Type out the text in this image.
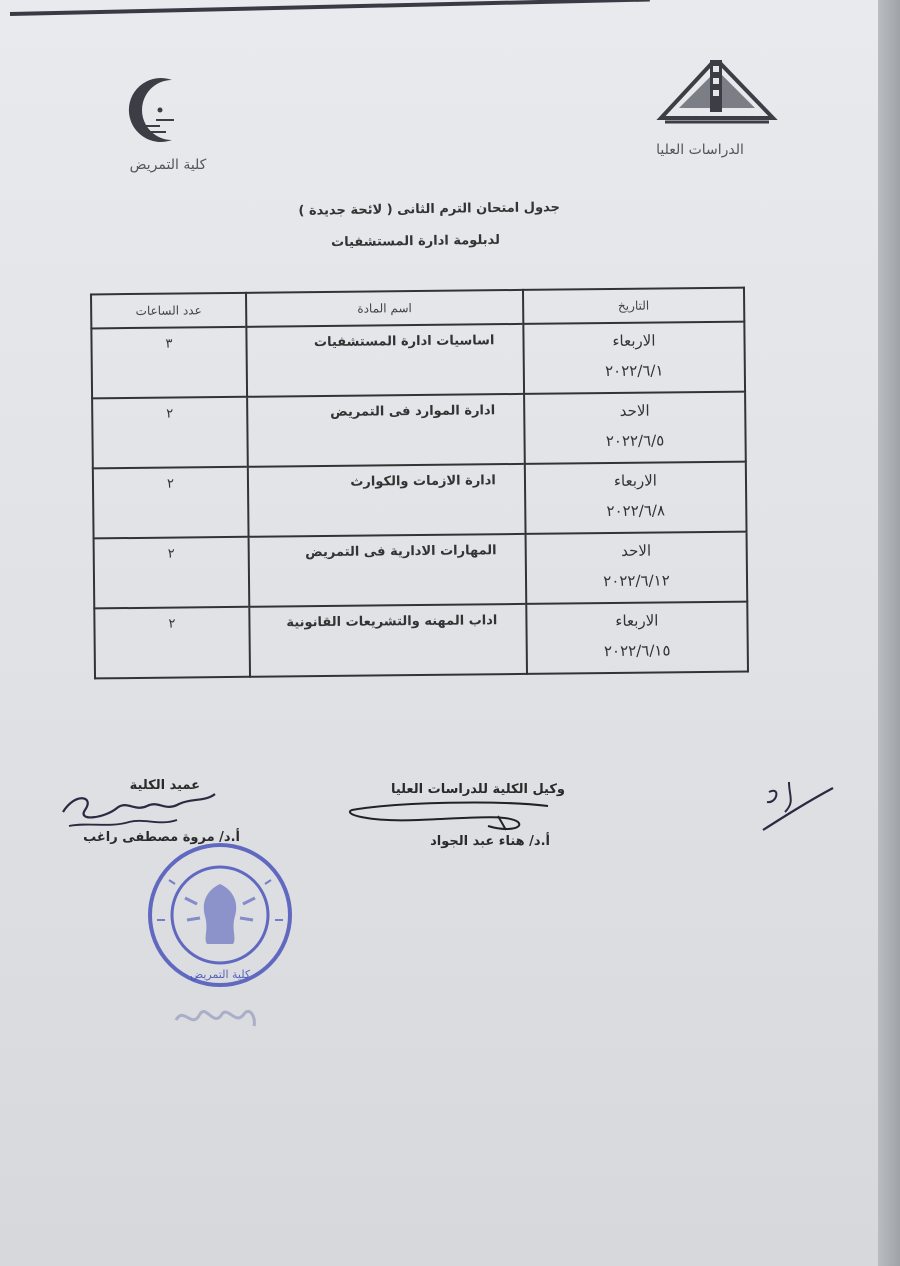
كلية التمريض
الدراسات العليا
جدول امتحان الترم الثانى ( لائحة جديدة )
لدبلومة ادارة المستشفيات
التاريخ	اسم المادة	عدد الساعات

الاربعاء
٢٠٢٢/٦/١	اساسيات ادارة المستشفيات	٣

الاحد
٢٠٢٢/٦/٥	ادارة الموارد فى التمريض	٢

الاربعاء
٢٠٢٢/٦/٨	ادارة الازمات والكوارث	٢

الاحد
٢٠٢٢/٦/١٢	المهارات الادارية فى التمريض	٢

الاربعاء
٢٠٢٢/٦/١٥	اداب المهنه والتشريعات القانونية	٢
عميد الكلية
أ.د/ مروة مصطفى راغب
وكيل الكلية للدراسات العليا
أ.د/ هناء عبد الجواد
كلية التمريض
